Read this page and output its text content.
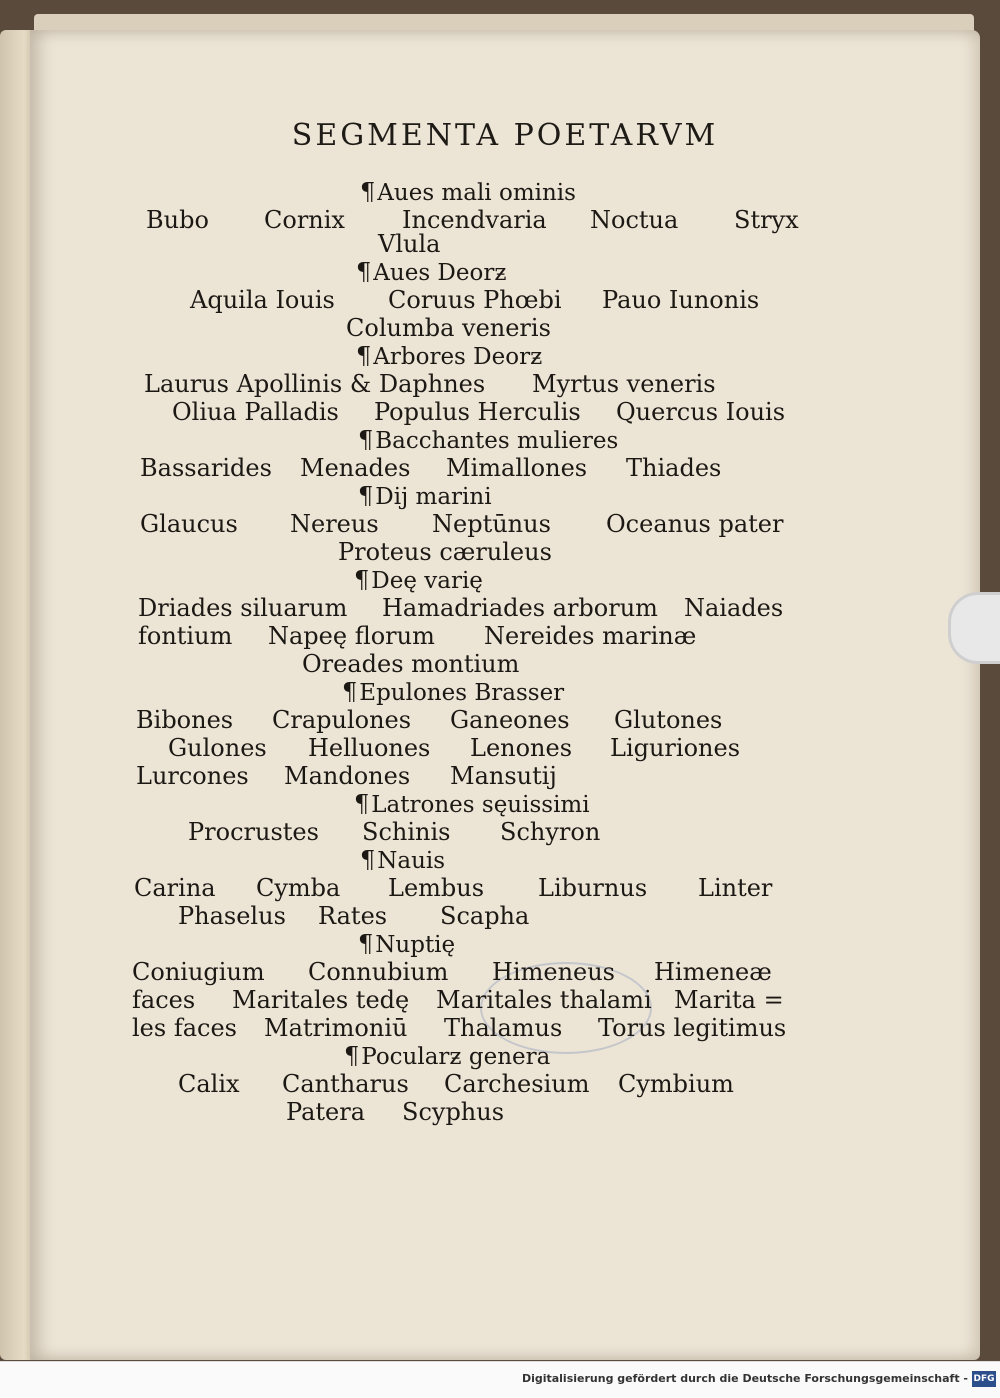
SEGMENTA POETARVM
¶ Aues mali ominis
Bubo Cornix Incendvaria Noctua Stryx
Vlula
¶ Aues Deorƶ
Aquila Iouis Coruus Phœbi Pauo Iunonis
Columba veneris
¶ Arbores Deorƶ
Laurus Apollinis & Daphnes Myrtus veneris
Oliua Palladis Populus Herculis Quercus Iouis
¶ Bacchantes mulieres
Bassarides Menades Mimallones Thiades
¶ Dij marini
Glaucus Nereus Neptūnus Oceanus pater
Proteus cæruleus
¶ Deę varię
Driades siluarum Hamadriades arborum Naiades
fontium Napeę florum Nereides marinæ
Oreades montium
¶ Epulones Brasser
Bibones Crapulones Ganeones Glutones
Gulones Helluones Lenones Liguriones
Lurcones Mandones Mansutij
¶ Latrones sęuissimi
Procrustes Schinis Schyron
¶ Nauis
Carina Cymba Lembus Liburnus Linter
Phaselus Rates Scapha
¶ Nuptię
Coniugium Connubium Himeneus Himeneæ
faces Maritales tedę Maritales thalami Marita =
les faces Matrimoniū Thalamus Torus legitimus
¶ Pocularƶ genera
Calix Cantharus Carchesium Cymbium
Patera Scyphus
Digitalisierung gefördert durch die Deutsche Forschungsgemeinschaft - DFG
